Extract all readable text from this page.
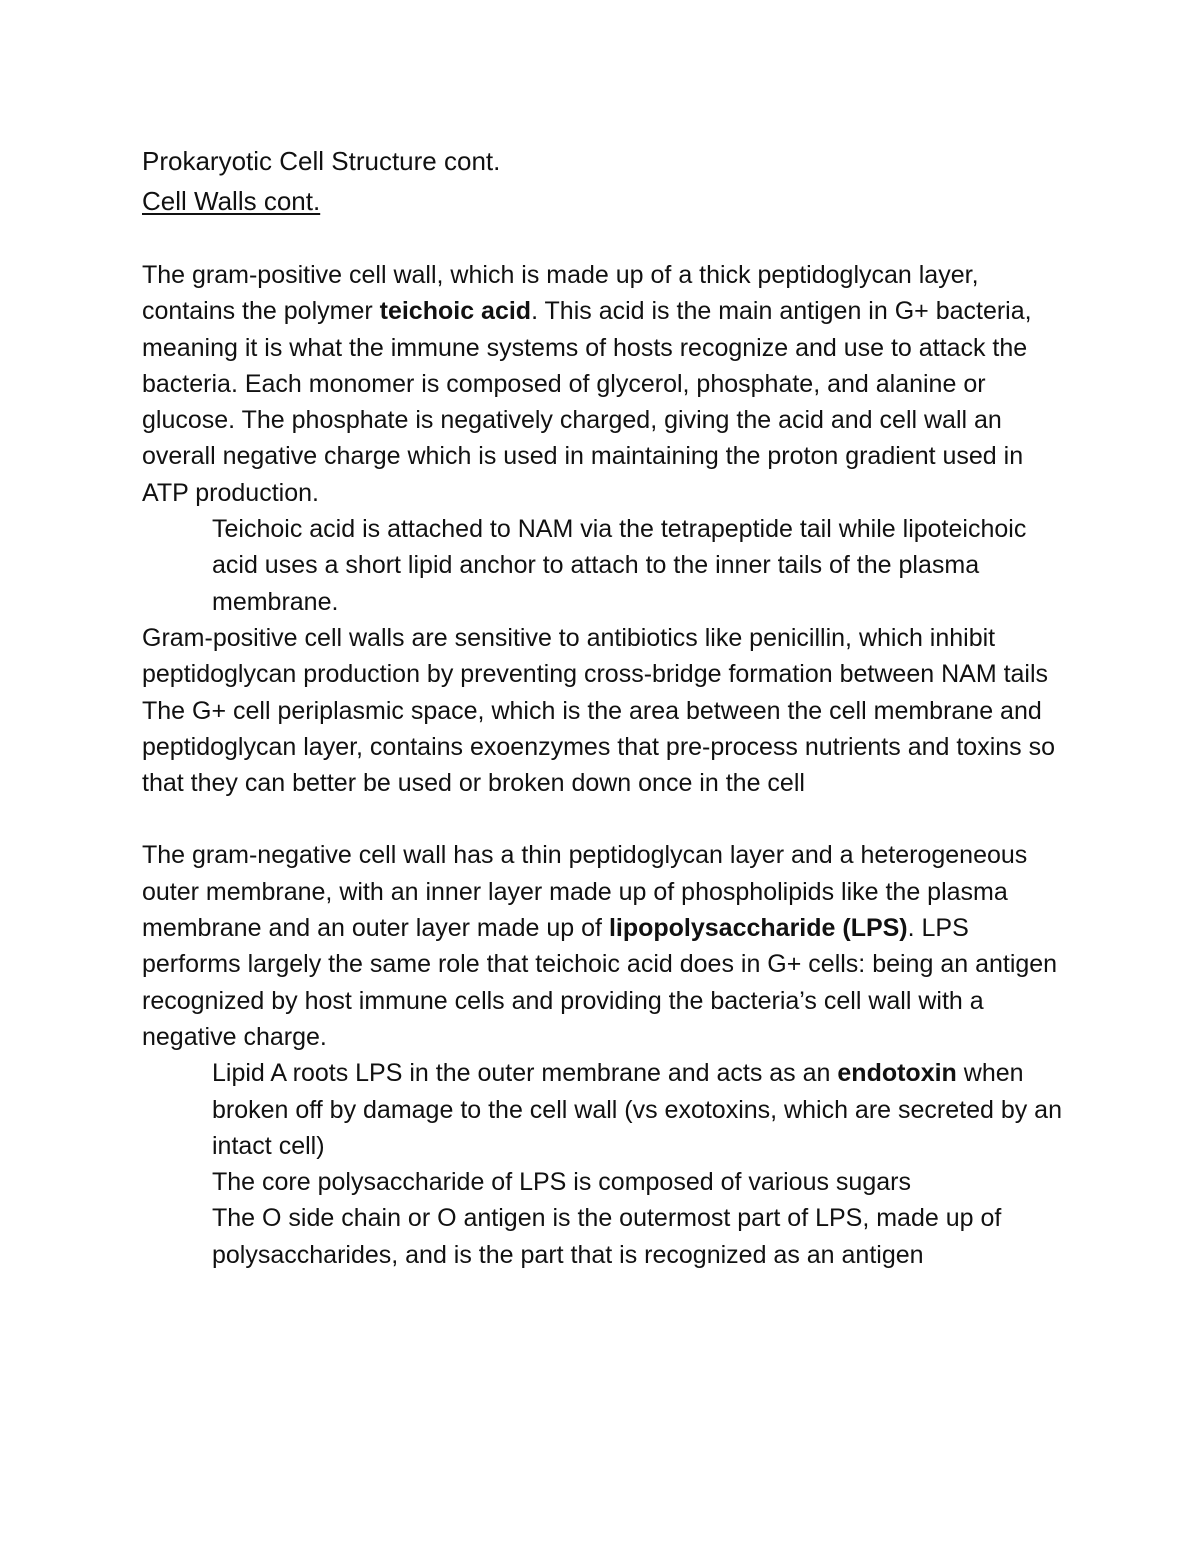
Prokaryotic Cell Structure cont.

Cell Walls cont.

The gram-positive cell wall, which is made up of a thick peptidoglycan layer, contains the polymer teichoic acid. This acid is the main antigen in G+ bacteria, meaning it is what the immune systems of hosts recognize and use to attack the bacteria. Each monomer is composed of glycerol, phosphate, and alanine or glucose. The phosphate is negatively charged, giving the acid and cell wall an overall negative charge which is used in maintaining the proton gradient used in ATP production.

Teichoic acid is attached to NAM via the tetrapeptide tail while lipoteichoic acid uses a short lipid anchor to attach to the inner tails of the plasma membrane.

Gram-positive cell walls are sensitive to antibiotics like penicillin, which inhibit peptidoglycan production by preventing cross-bridge formation between NAM tails

The G+ cell periplasmic space, which is the area between the cell membrane and peptidoglycan layer, contains exoenzymes that pre-process nutrients and toxins so that they can better be used or broken down once in the cell

The gram-negative cell wall has a thin peptidoglycan layer and a heterogeneous outer membrane, with an inner layer made up of phospholipids like the plasma membrane and an outer layer made up of lipopolysaccharide (LPS). LPS performs largely the same role that teichoic acid does in G+ cells: being an antigen recognized by host immune cells and providing the bacteria’s cell wall with a negative charge.

Lipid A roots LPS in the outer membrane and acts as an endotoxin when broken off by damage to the cell wall (vs exotoxins, which are secreted by an intact cell)

The core polysaccharide of LPS is composed of various sugars

The O side chain or O antigen is the outermost part of LPS, made up of polysaccharides, and is the part that is recognized as an antigen
